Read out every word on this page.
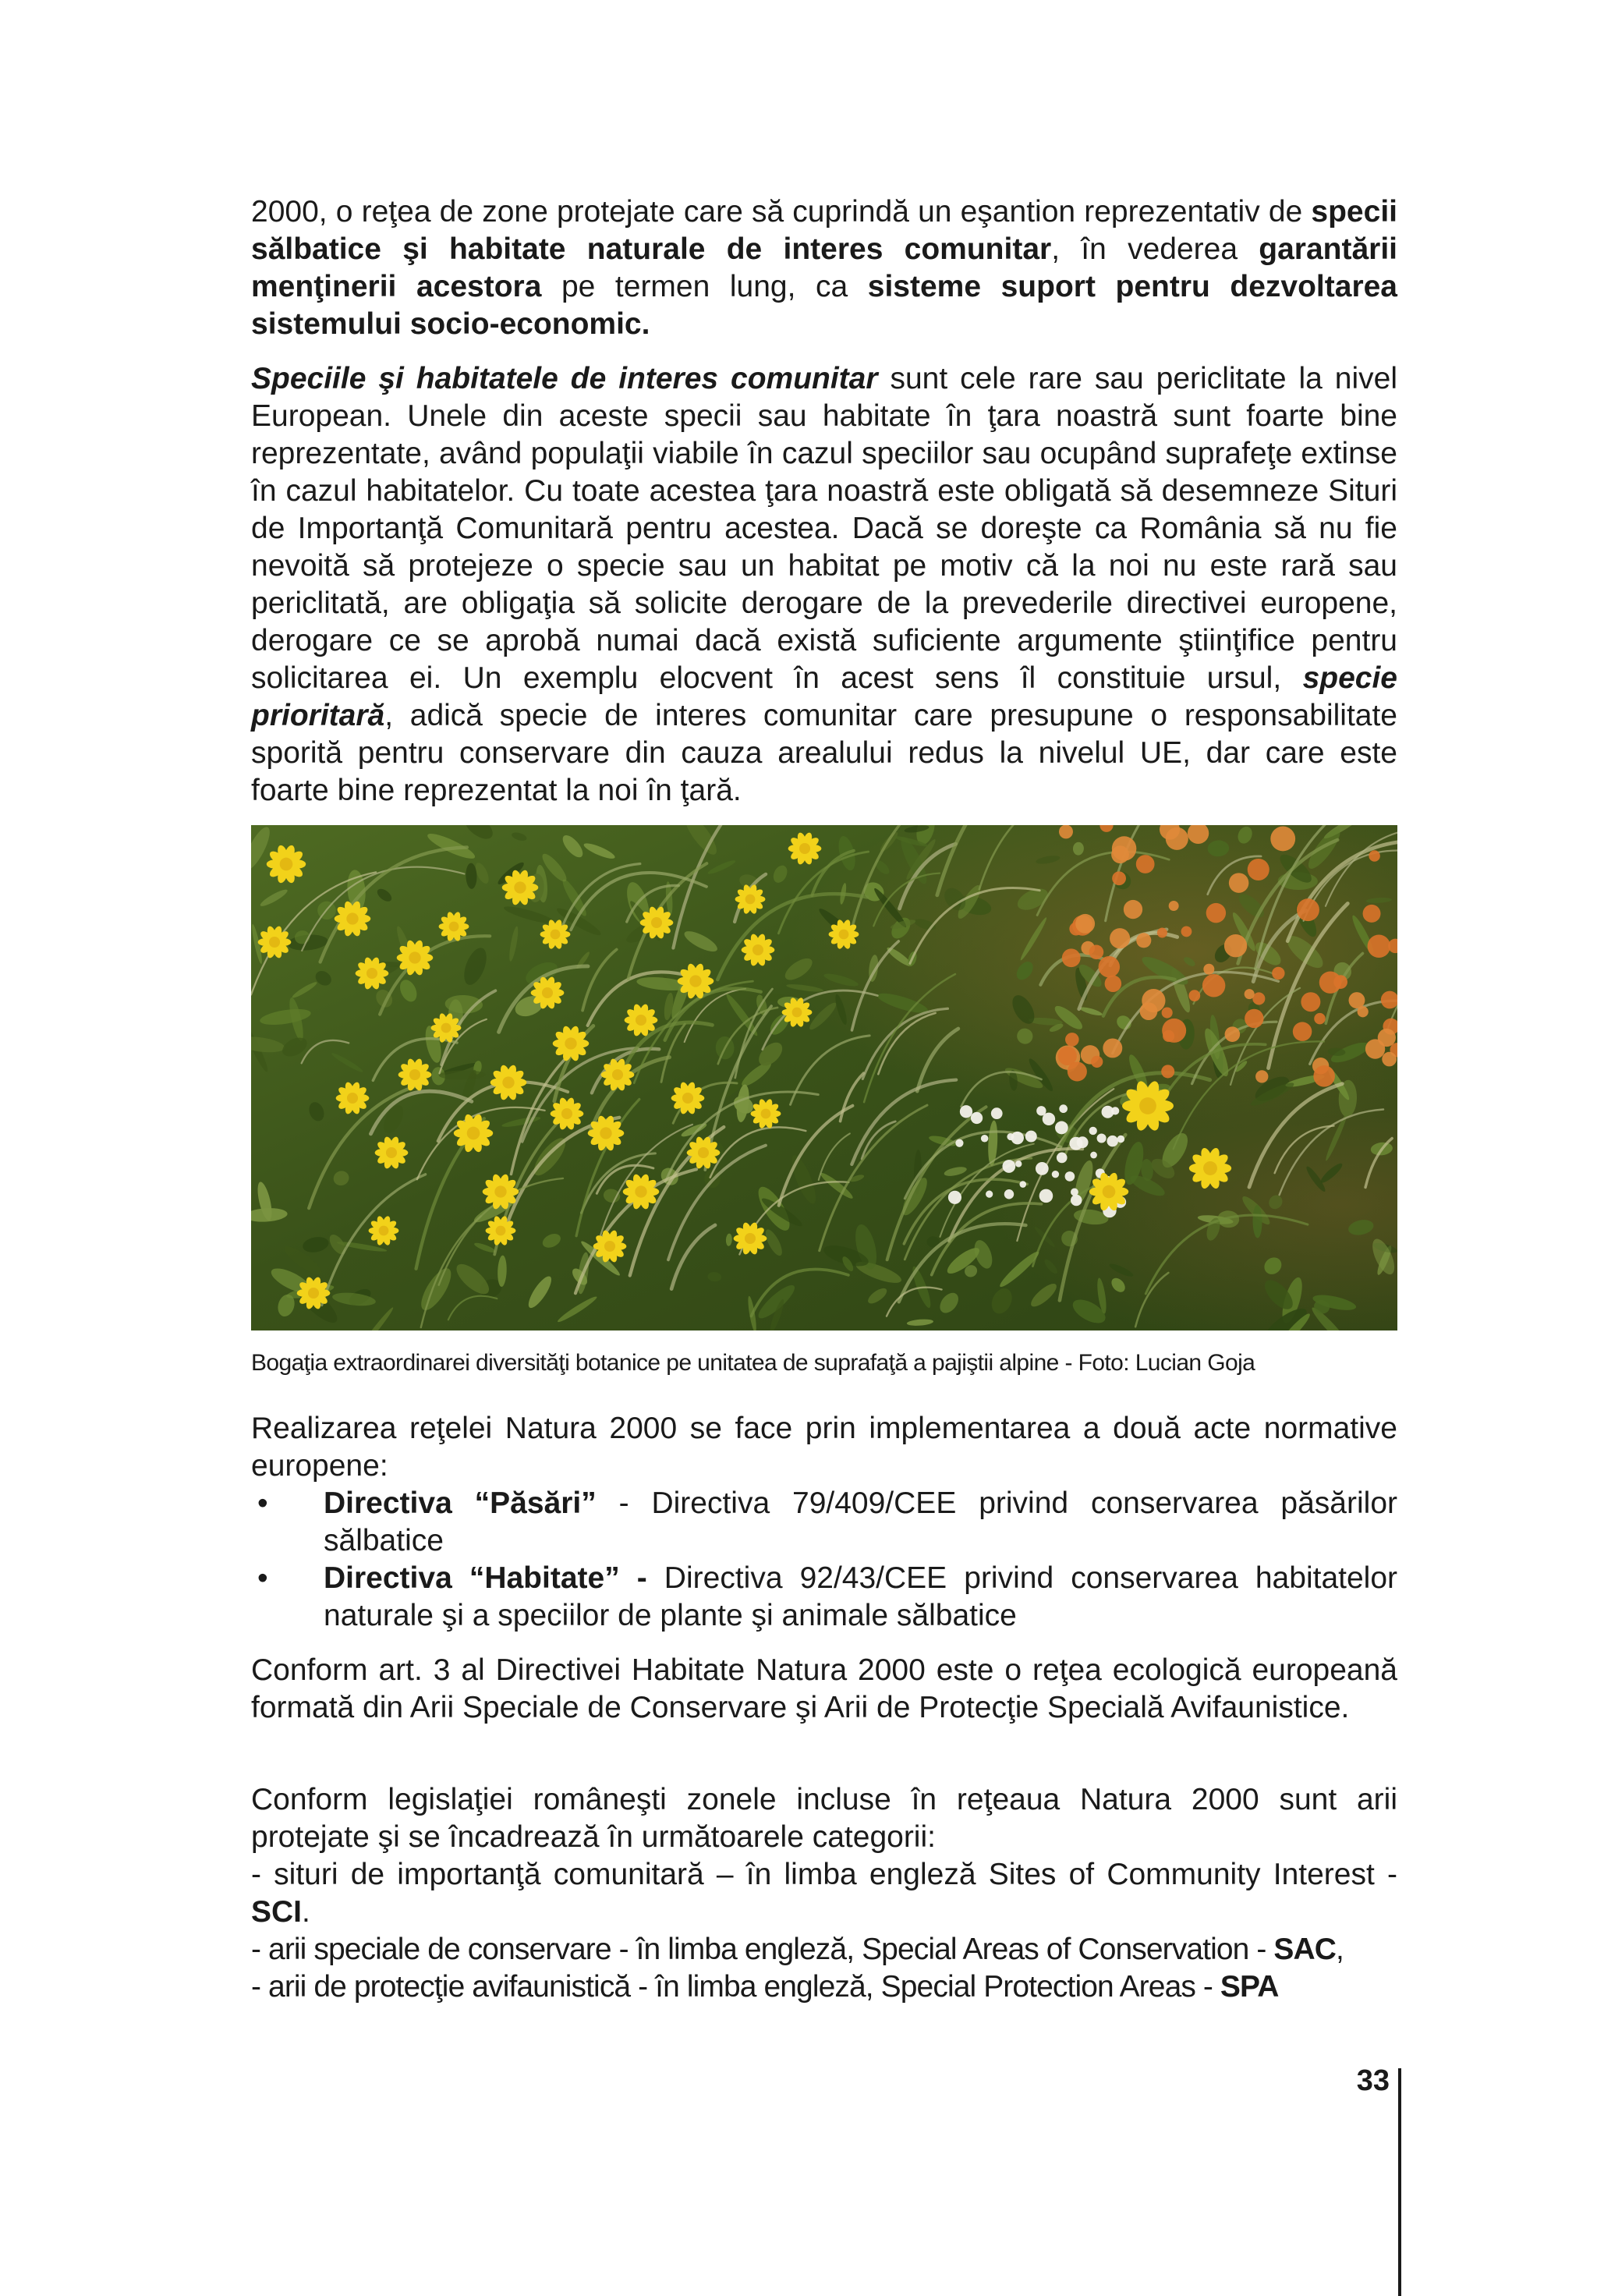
2000, o reţea de zone protejate care să cuprindă un eşantion reprezentativ de specii sălbatice şi habitate naturale de interes comunitar, în vederea garantării menţinerii acestora pe termen lung, ca sisteme suport pentru dezvoltarea sistemului socio-economic.

Speciile şi habitatele de interes comunitar sunt cele rare sau periclitate la nivel European. Unele din aceste specii sau habitate în ţara noastră sunt foarte bine reprezentate, având populaţii viabile în cazul speciilor sau ocupând suprafeţe extinse în cazul habitatelor. Cu toate acestea ţara noastră este obligată să desemneze Situri de Importanţă Comunitară pentru acestea. Dacă se doreşte ca România să nu fie nevoită să protejeze o specie sau un habitat pe motiv că la noi nu este rară sau periclitată, are obligaţia să solicite derogare de la prevederile directivei europene, derogare ce se aprobă numai dacă există suficiente argumente ştiinţifice pentru solicitarea ei. Un exemplu elocvent în acest sens îl constituie ursul, specie prioritară, adică specie de interes comunitar care presupune o responsabilitate sporită pentru conservare din cauza arealului redus la nivelul UE, dar care este foarte bine reprezentat la noi în ţară.

Bogaţia extraordinarei diversităţi botanice pe unitatea de suprafaţă a pajiştii alpine - Foto: Lucian Goja

Realizarea reţelei Natura 2000 se face prin implementarea a două acte normative europene:

• Directiva “Păsări” - Directiva 79/409/CEE privind conservarea păsărilor sălbatice
• Directiva “Habitate” - Directiva 92/43/CEE privind conservarea habitatelor naturale şi a speciilor de plante şi animale sălbatice

Conform art. 3 al Directivei Habitate Natura 2000 este o reţea ecologică europeană formată din Arii Speciale de Conservare şi Arii de Protecţie Specială Avifaunistice.

Conform legislaţiei româneşti zonele incluse în reţeaua Natura 2000 sunt arii protejate şi se încadrează în următoarele categorii:

- situri de importanţă comunitară – în limba engleză Sites of Community Interest - SCI.

- arii speciale de conservare - în limba engleză, Special Areas of Conservation - SAC,

- arii de protecţie avifaunistică - în limba engleză, Special Protection Areas - SPA

33
